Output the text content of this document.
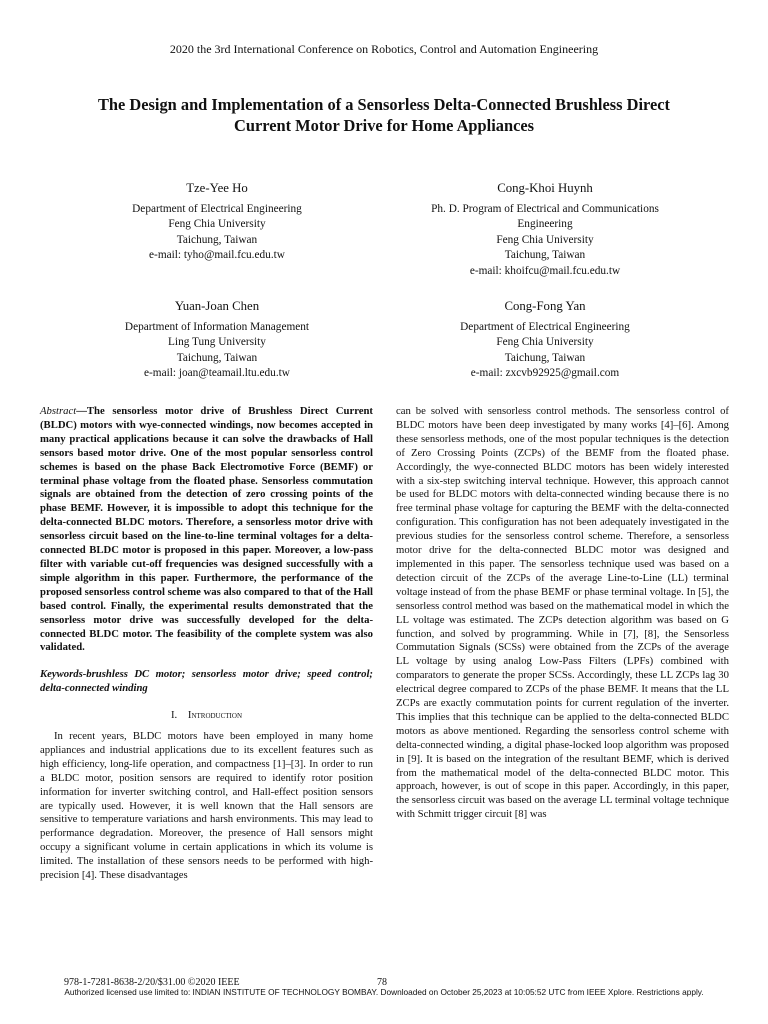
2020 the 3rd International Conference on Robotics, Control and Automation Engineering
The Design and Implementation of a Sensorless Delta-Connected Brushless Direct
Current Motor Drive for Home Appliances
Tze-Yee Ho
Department of Electrical Engineering
Feng Chia University
Taichung, Taiwan
e-mail: tyho@mail.fcu.edu.tw
Cong-Khoi Huynh
Ph. D. Program of Electrical and Communications
Engineering
Feng Chia University
Taichung, Taiwan
e-mail: khoifcu@mail.fcu.edu.tw
Yuan-Joan Chen
Department of Information Management
Ling Tung University
Taichung, Taiwan
e-mail: joan@teamail.ltu.edu.tw
Cong-Fong Yan
Department of Electrical Engineering
Feng Chia University
Taichung, Taiwan
e-mail: zxcvb92925@gmail.com

Abstract—The sensorless motor drive of Brushless Direct Current (BLDC) motors with wye-connected windings, now becomes accepted in many practical applications because it can solve the drawbacks of Hall sensors based motor drive. One of the most popular sensorless control schemes is based on the phase Back Electromotive Force (BEMF) or terminal phase voltage from the floated phase. Sensorless commutation signals are obtained from the detection of zero crossing points of the phase BEMF. However, it is impossible to adopt this technique for the delta-connected BLDC motors. Therefore, a sensorless motor drive with sensorless circuit based on the line-to-line terminal voltages for a delta-connected BLDC motor is proposed in this paper. Moreover, a low-pass filter with variable cut-off frequencies was designed successfully with a simple algorithm in this paper. Furthermore, the performance of the proposed sensorless control scheme was also compared to that of the Hall based control. Finally, the experimental results demonstrated that the sensorless motor drive was successfully developed for the delta-connected BLDC motor. The feasibility of the complete system was also validated.

Keywords-brushless DC motor; sensorless motor drive; speed control; delta-connected winding

I. Introduction

In recent years, BLDC motors have been employed in many home appliances and industrial applications due to its excellent features such as high efficiency, long-life operation, and compactness [1]–[3]. In order to run a BLDC motor, position sensors are required to identify rotor position information for inverter switching control, and Hall-effect position sensors are typically used. However, it is well known that the Hall sensors are sensitive to temperature variations and harsh environments. This may lead to performance degradation. Moreover, the presence of Hall sensors might occupy a significant volume in certain applications in which its volume is limited. The installation of these sensors needs to be performed with high-precision [4]. These disadvantages

can be solved with sensorless control methods. The sensorless control of BLDC motors have been deep investigated by many works [4]–[6]. Among these sensorless methods, one of the most popular techniques is the detection of Zero Crossing Points (ZCPs) of the BEMF from the floated phase. Accordingly, the wye-connected BLDC motors has been widely interested with a six-step switching interval technique. However, this approach cannot be used for BLDC motors with delta-connected winding because there is no free terminal phase voltage for capturing the BEMF with the delta-connected configuration. This configuration has not been adequately investigated in the previous studies for the sensorless control scheme. Therefore, a sensorless motor drive for the delta-connected BLDC motor was designed and implemented in this paper. The sensorless technique used was based on a detection circuit of the ZCPs of the average Line-to-Line (LL) terminal voltage instead of from the phase BEMF or phase terminal voltage. In [5], the sensorless control method was based on the mathematical model in which the LL voltage was estimated. The ZCPs detection algorithm was based on G function, and solved by programming. While in [7], [8], the Sensorless Commutation Signals (SCSs) were obtained from the ZCPs of the average LL voltage by using analog Low-Pass Filters (LPFs) combined with comparators to generate the proper SCSs. Accordingly, these LL ZCPs lag 30 electrical degree compared to ZCPs of the phase BEMF. It means that the LL ZCPs are exactly commutation points for current regulation of the inverter. This implies that this technique can be applied to the delta-connected BLDC motors as above mentioned. Regarding the sensorless control scheme with delta-connected winding, a digital phase-locked loop algorithm was proposed in [9]. It is based on the integration of the resultant BEMF, which is derived from the mathematical model of the delta-connected BLDC motor. This approach, however, is out of scope in this paper. Accordingly, in this paper, the sensorless circuit was based on the average LL terminal voltage technique with Schmitt trigger circuit [8] was

978-1-7281-8638-2/20/$31.00 ©2020 IEEE	78
Authorized licensed use limited to: INDIAN INSTITUTE OF TECHNOLOGY BOMBAY. Downloaded on October 25,2023 at 10:05:52 UTC from IEEE Xplore. Restrictions apply.
